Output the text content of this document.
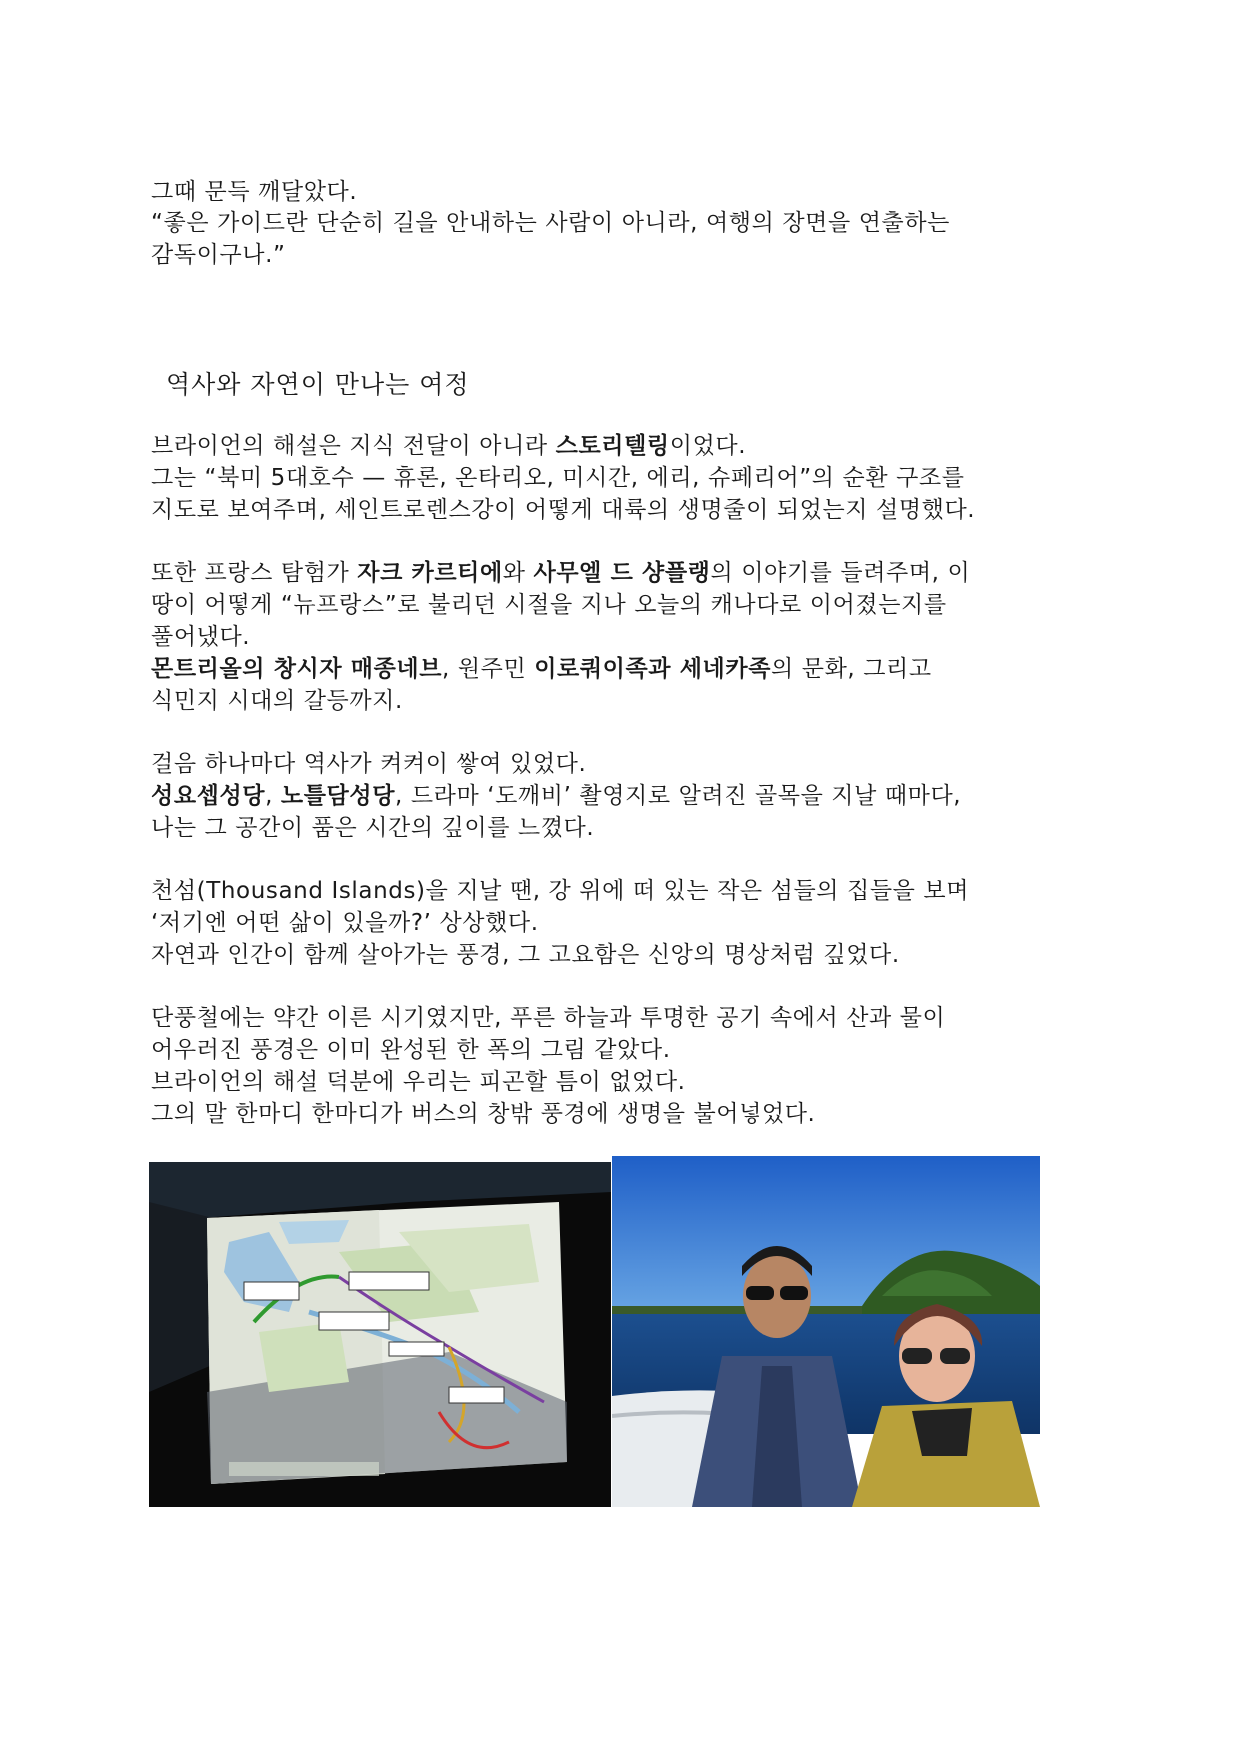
그때 문득 깨달았다.
“좋은 가이드란 단순히 길을 안내하는 사람이 아니라, 여행의 장면을 연출하는
감독이구나.”
역사와 자연이 만나는 여정
브라이언의 해설은 지식 전달이 아니라 스토리텔링이었다.
그는 “북미 5대호수 — 휴론, 온타리오, 미시간, 에리, 슈페리어”의 순환 구조를
지도로 보여주며, 세인트로렌스강이 어떻게 대륙의 생명줄이 되었는지 설명했다.
또한 프랑스 탐험가 자크 카르티에와 사무엘 드 샹플랭의 이야기를 들려주며, 이
땅이 어떻게 “뉴프랑스”로 불리던 시절을 지나 오늘의 캐나다로 이어졌는지를
풀어냈다.
몬트리올의 창시자 매종네브, 원주민 이로쿼이족과 세네카족의 문화, 그리고
식민지 시대의 갈등까지.
걸음 하나마다 역사가 켜켜이 쌓여 있었다.
성요셉성당, 노틀담성당, 드라마 ‘도깨비’ 촬영지로 알려진 골목을 지날 때마다,
나는 그 공간이 품은 시간의 깊이를 느꼈다.
천섬(Thousand Islands)을 지날 땐, 강 위에 떠 있는 작은 섬들의 집들을 보며
‘저기엔 어떤 삶이 있을까?’ 상상했다.
자연과 인간이 함께 살아가는 풍경, 그 고요함은 신앙의 명상처럼 깊었다.
단풍철에는 약간 이른 시기였지만, 푸른 하늘과 투명한 공기 속에서 산과 물이
어우러진 풍경은 이미 완성된 한 폭의 그림 같았다.
브라이언의 해설 덕분에 우리는 피곤할 틈이 없었다.
그의 말 한마디 한마디가 버스의 창밖 풍경에 생명을 불어넣었다.
